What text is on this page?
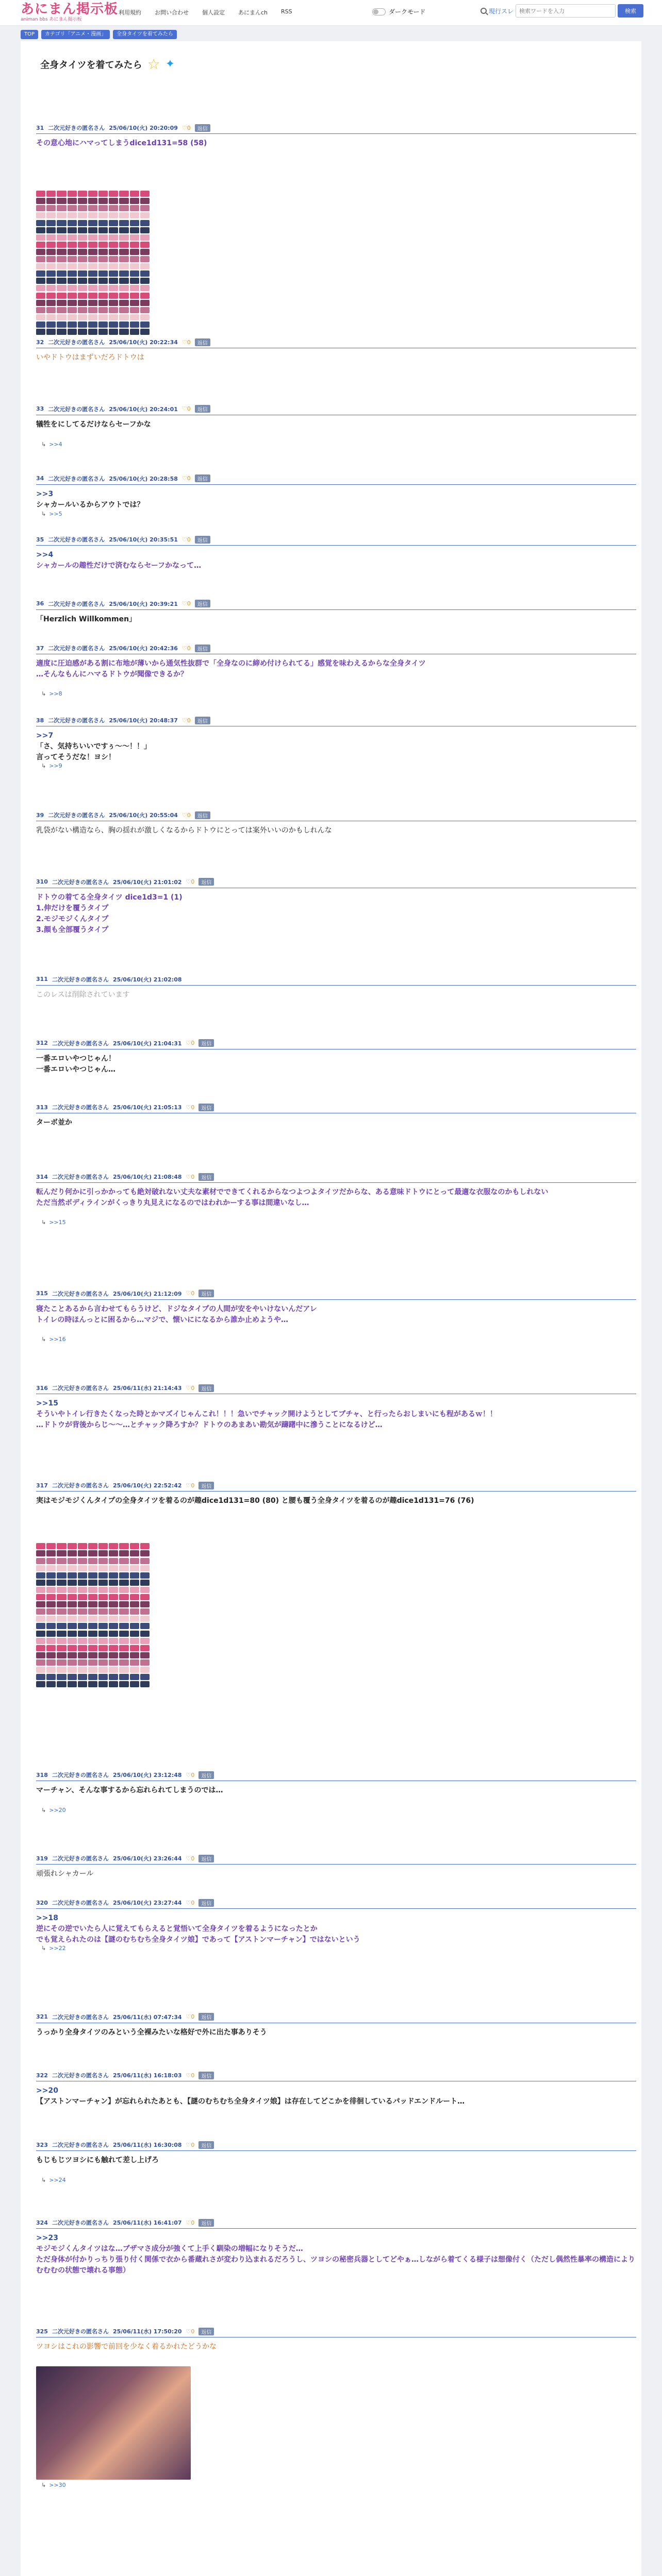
あにまん掲示板
animan bbs あにまん掲示板
利用規約 お問い合わせ 個人設定 あにまんch RSS	ダークモード	現行スレ
検索ワードを入力	検索
TOP	カテゴリ「アニメ・漫画」	全身タイツを着てみたら
全身タイツを着てみたら ☆ ✦
31 二次元好きの匿名さん 25/06/10(火) 20:20:09 ♡0	返信
その意心地にハマってしまうdice1d131=58 (58)
32 二次元好きの匿名さん 25/06/10(火) 20:22:34 ♡0	返信
いやドトウはまずいだろドトウは
33 二次元好きの匿名さん 25/06/10(火) 20:24:01 ♡0	返信
犠牲をにしてるだけならセーフかな
↳ >>4
34 二次元好きの匿名さん 25/06/10(火) 20:28:58 ♡0	返信
>>3
シャカールいるからアウトでは？
↳ >>5
35 二次元好きの匿名さん 25/06/10(火) 20:35:51 ♡0	返信
>>4
シャカールの趣性だけで済むならセーフかなって…
36 二次元好きの匿名さん 25/06/10(火) 20:39:21 ♡0	返信
「Herzlich Willkommen」
37 二次元好きの匿名さん 25/06/10(火) 20:42:36 ♡0	返信
適度に圧迫感がある割に布地が薄いから通気性抜群で「全身なのに締め付けられてる」感覚を味わえるからな全身タイツ
…そんなもんにハマるドトウが聞像できるか？
↳ >>8
38 二次元好きの匿名さん 25/06/10(火) 20:48:37 ♡0	返信
>>7
「さ、気持ちいいですぅ〜〜！！」
言ってそうだな！ヨシ！
↳ >>9
39 二次元好きの匿名さん 25/06/10(火) 20:55:04 ♡0	返信
乳袋がない構造なら、胸の揺れが激しくなるからドトウにとっては案外いいのかもしれんな
310 二次元好きの匿名さん 25/06/10(火) 21:01:02 ♡0	返信
ドトウの着てる全身タイツ dice1d3=1 (1)
1.伸だけを覆うタイプ
2.モジモジくんタイプ
3.顔も全部覆うタイプ
311 二次元好きの匿名さん 25/06/10(火) 21:02:08
このレスは削除されています
312 二次元好きの匿名さん 25/06/10(火) 21:04:31 ♡0	返信
一番エロいやつじゃん！
一番エロいやつじゃん…
313 二次元好きの匿名さん 25/06/10(火) 21:05:13 ♡0	返信
ターボ並か
314 二次元好きの匿名さん 25/06/10(火) 21:08:48 ♡0	返信
転んだり何かに引っかかっても絶対破れない丈夫な素材でできてくれるからなつよつよタイツだからな、ある意味ドトウにとって最適な衣服なのかもしれない
ただ当然ボディラインがくっきり丸見えになるのではわれかーする事は間違いなし…
↳ >>15
315 二次元好きの匿名さん 25/06/10(火) 21:12:09 ♡0	返信
寝たことあるから言わせてもらうけど、ドジなタイプの人間が安をやいけないんだアレ
トイレの時ほんっとに困るから…マジで、懐いにになるから誰か止めようや…
↳ >>16
316 二次元好きの匿名さん 25/06/11(水) 21:14:43 ♡0	返信
>>15
そういやトイレ行きたくなった時とかマズイじゃんこれ！！！急いでチャック開けようとしてブチャ、と行ったらおしまいにも程があるｗ！！
…ドトウが背後からじ～～…とチャック降ろすか？ドトウのあまあい勘気が躊躇中に滲うことになるけど…
317 二次元好きの匿名さん 25/06/10(火) 22:52:42 ♡0	返信
実はモジモジくんタイプの全身タイツを着るのが趣dice1d131=80 (80) と腰も覆う全身タイツを着るのが趣dice1d131=76 (76)
318 二次元好きの匿名さん 25/06/10(火) 23:12:48 ♡0	返信
マーチャン、そんな事するから忘れられてしまうのでは…
↳ >>20
319 二次元好きの匿名さん 25/06/10(火) 23:26:44 ♡0	返信
頑張れシャカール
320 二次元好きの匿名さん 25/06/10(火) 23:27:44 ♡0	返信
>>18
逆にその逆でいたら人に覚えてもらえると覚悟いて全身タイツを着るようになったとか
でも覚えられたのは【謎のむちむち全身タイツ娘】であって【アストンマーチャン】ではないという
↳ >>22
321 二次元好きの匿名さん 25/06/11(水) 07:47:34 ♡0	返信
うっかり全身タイツのみという全裸みたいな格好で外に出た事ありそう
322 二次元好きの匿名さん 25/06/11(水) 16:18:03 ♡0	返信
>>20
【アストンマーチャン】が忘れられたあとも、【謎のむちむち全身タイツ娘】は存在してどこかを徘徊しているパッドエンドルート…
323 二次元好きの匿名さん 25/06/11(水) 16:30:08 ♡0	返信
もじもじツヨシにも触れて差し上げろ
↳ >>24
324 二次元好きの匿名さん 25/06/11(水) 16:41:07 ♡0	返信
>>23
モジモジくんタイツはな…ブザマさ成分が強くて上手く馴染の増幅になりそうだ…
ただ身体が付かりっちり張り付く関係で衣から番蔵れさが変わり込まれるだろうし、ツヨシの秘密兵器としてどやぁ…しながら着てくる様子は想像付く（ただし偶然性暴率の構造によりむむむの状態で壊れる事態）
325 二次元好きの匿名さん 25/06/11(水) 17:50:20 ♡0	返信
ツヨシはこれの影響で前回を少なく着るかれたどうかな
↳ >>30
